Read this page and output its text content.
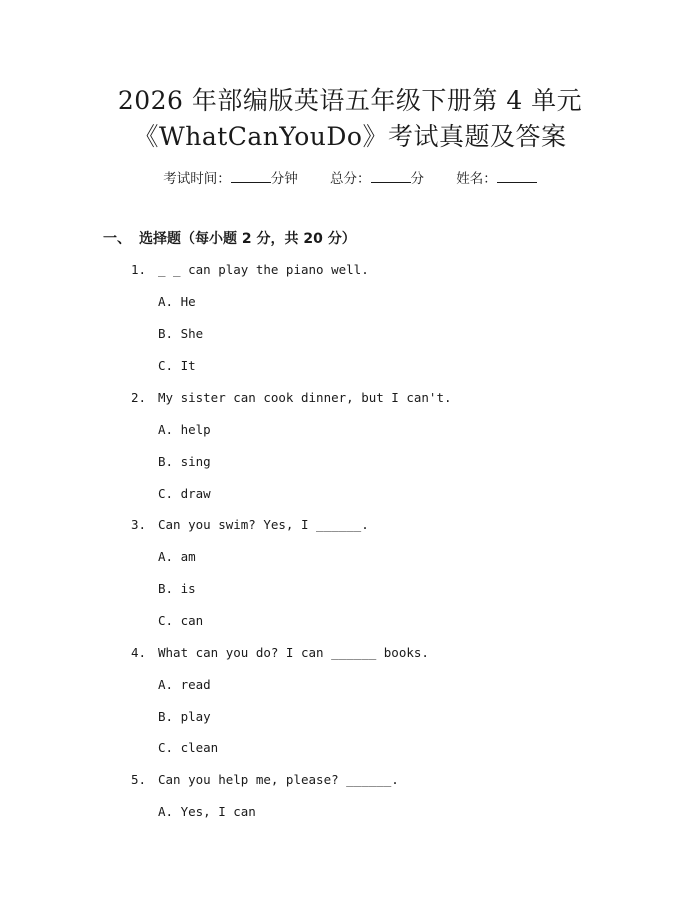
2026 年部编版英语五年级下册第 4 单元
《WhatCanYouDo》考试真题及答案
考试时间：	分钟 总分：	分 姓名：
一、 选择题（每小题 2 分，共 20 分）
1. _ _ can play the piano well.
A. He
B. She
C. It
2. My sister can cook dinner, but I can't.
A. help
B. sing
C. draw
3. Can you swim? Yes, I ______.
A. am
B. is
C. can
4. What can you do? I can ______ books.
A. read
B. play
C. clean
5. Can you help me, please? ______.
A. Yes, I can
